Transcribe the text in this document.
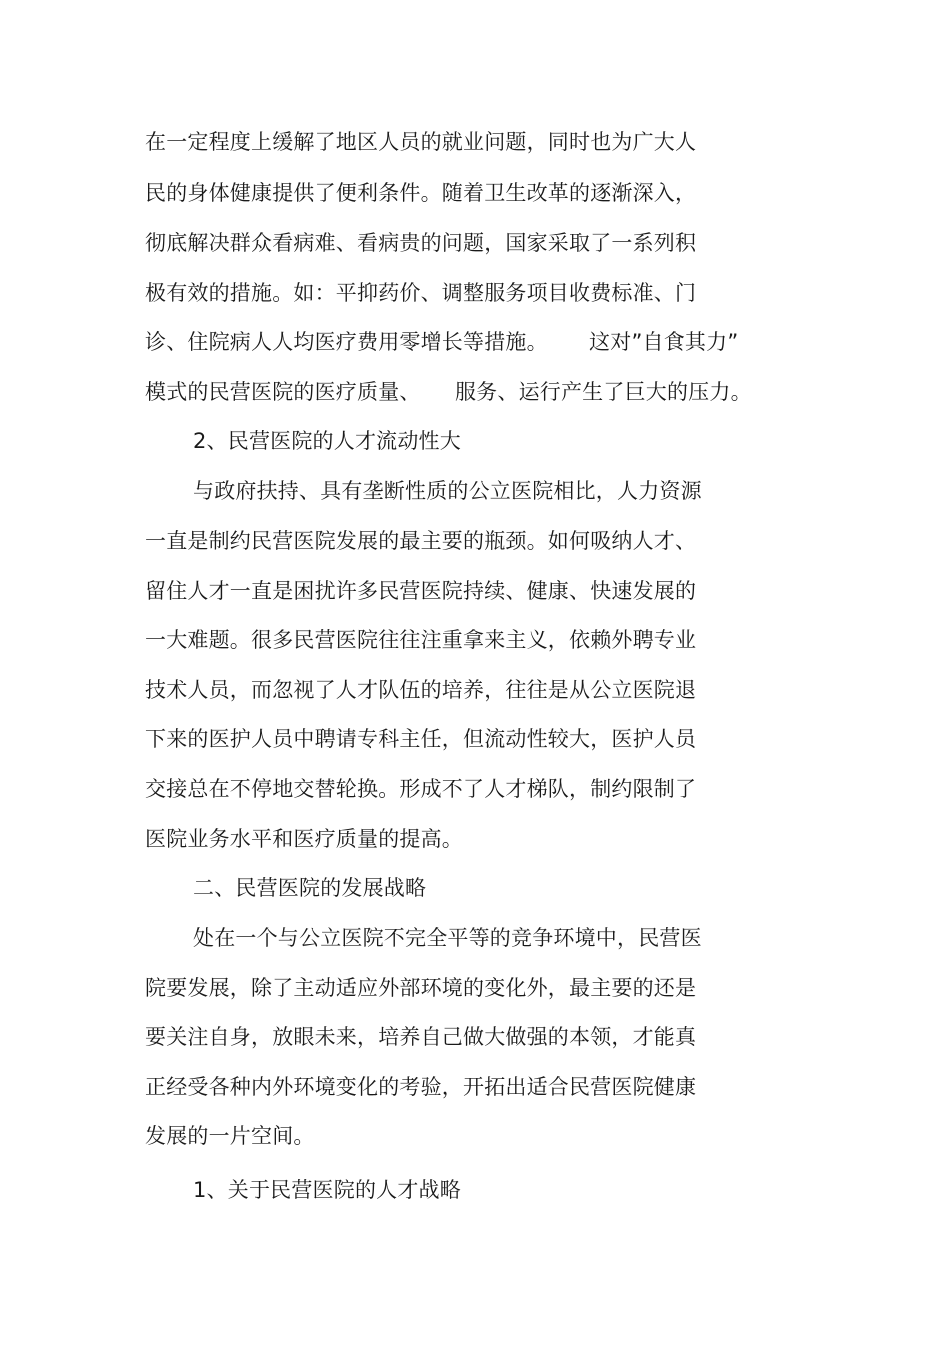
在一定程度上缓解了地区人员的就业问题，同时也为广大人
民的身体健康提供了便利条件。随着卫生改革的逐渐深入，
彻底解决群众看病难、看病贵的问题，国家采取了一系列积
极有效的措施。如：平抑药价、调整服务项目收费标准、门
诊、住院病人人均医疗费用零增长等措施。      这对”自食其力”
模式的民营医院的医疗质量、     服务、运行产生了巨大的压力。
2、民营医院的人才流动性大
与政府扶持、具有垄断性质的公立医院相比，人力资源
一直是制约民营医院发展的最主要的瓶颈。如何吸纳人才、
留住人才一直是困扰许多民营医院持续、健康、快速发展的
一大难题。很多民营医院往往注重拿来主义，依赖外聘专业
技术人员，而忽视了人才队伍的培养，往往是从公立医院退
下来的医护人员中聘请专科主任，但流动性较大，医护人员
交接总在不停地交替轮换。形成不了人才梯队，制约限制了
医院业务水平和医疗质量的提高。
二、民营医院的发展战略
处在一个与公立医院不完全平等的竞争环境中，民营医
院要发展，除了主动适应外部环境的变化外，最主要的还是
要关注自身，放眼未来，培养自己做大做强的本领，才能真
正经受各种内外环境变化的考验，开拓出适合民营医院健康
发展的一片空间。
1、关于民营医院的人才战略
